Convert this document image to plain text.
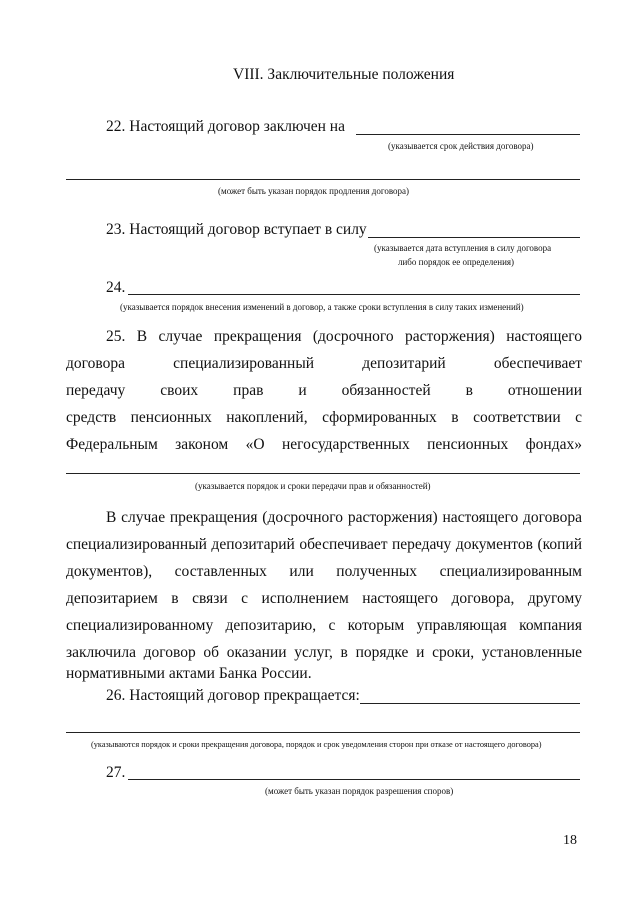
VIII. Заключительные положения
22. Настоящий договор заключен на
(указывается срок действия договора)
(может быть указан порядок продления договора)
23. Настоящий договор вступает в силу
(указывается дата вступления в силу договора
либо порядок ее определения)
24.
(указывается порядок внесения изменений в договор, а также сроки вступления в силу таких изменений)
25. В случае прекращения (досрочного расторжения) настоящего
договора специализированный депозитарий обеспечивает
передачу своих прав и обязанностей в отношении
средств пенсионных накоплений, сформированных в соответствии с
Федеральным законом «О негосударственных пенсионных фондах»
(указывается порядок и сроки передачи прав и обязанностей)
В случае прекращения (досрочного расторжения) настоящего договора
специализированный депозитарий обеспечивает передачу документов (копий
документов), составленных или полученных специализированным
депозитарием в связи с исполнением настоящего договора, другому
специализированному депозитарию, с которым управляющая компания
заключила договор об оказании услуг, в порядке и сроки, установленные
нормативными актами Банка России.
26. Настоящий договор прекращается:
(указываются порядок и сроки прекращения договора, порядок и срок уведомления сторон при отказе от настоящего договора)
27.
(может быть указан порядок разрешения споров)
18
